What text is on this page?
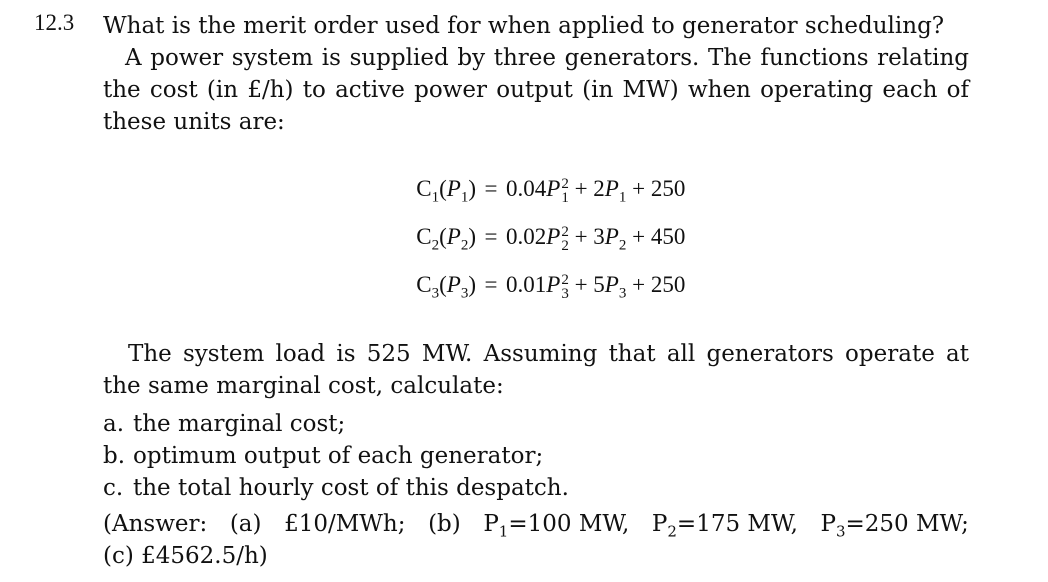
12.3 What is the merit order used for when applied to generator scheduling?
A power system is supplied by three generators. The functions relating the cost (in £/h) to active power output (in MW) when operating each of these units are:
$C_1(P_1) = 0.04P$ 2
$1 + 2P_1 + 250$
$C_2(P_2) = 0.02P$ 2
$2 + 3P_2 + 450$
$C_3(P_3) = 0.01P$ 2
$3 + 5P_3 + 250$
The system load is 525 MW. Assuming that all generators operate at the same marginal cost, calculate:
a. the marginal cost;
b. optimum output of each generator;
c. the total hourly cost of this despatch.
(Answer: (a) £10/MWh; (b) $P_1=100$ MW, $P_2=175$ MW, $P_3=250$ MW;
(c) £4562.5/h)
